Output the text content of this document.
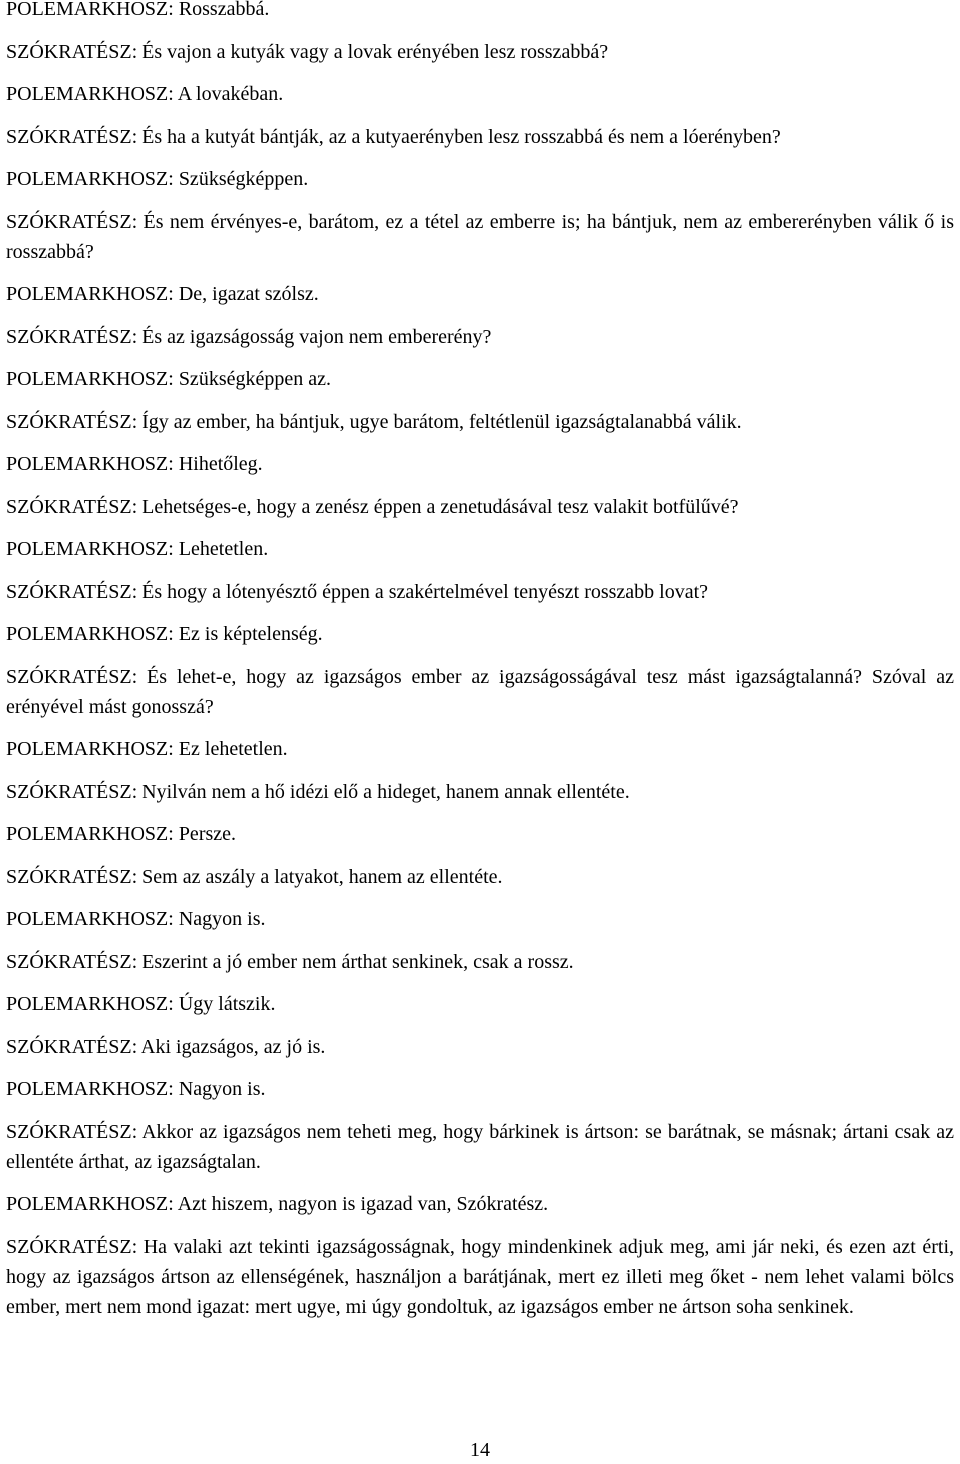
POLEMARKHOSZ: Rosszabbá.

SZÓKRATÉSZ: És vajon a kutyák vagy a lovak erényében lesz rosszabbá?

POLEMARKHOSZ: A lovakéban.

SZÓKRATÉSZ: És ha a kutyát bántják, az a kutyaerényben lesz rosszabbá és nem a lóerényben?

POLEMARKHOSZ: Szükségképpen.

SZÓKRATÉSZ: És nem érvényes-e, barátom, ez a tétel az emberre is; ha bántjuk, nem az embererényben válik ő is rosszabbá?

POLEMARKHOSZ: De, igazat szólsz.

SZÓKRATÉSZ: És az igazságosság vajon nem embererény?

POLEMARKHOSZ: Szükségképpen az.

SZÓKRATÉSZ: Így az ember, ha bántjuk, ugye barátom, feltétlenül igazságtalanabbá válik.

POLEMARKHOSZ: Hihetőleg.

SZÓKRATÉSZ: Lehetséges-e, hogy a zenész éppen a zenetudásával tesz valakit botfülűvé?

POLEMARKHOSZ: Lehetetlen.

SZÓKRATÉSZ: És hogy a lótenyésztő éppen a szakértelmével tenyészt rosszabb lovat?

POLEMARKHOSZ: Ez is képtelenség.

SZÓKRATÉSZ: És lehet-e, hogy az igazságos ember az igazságosságával tesz mást igazságtalanná? Szóval az erényével mást gonosszá?

POLEMARKHOSZ: Ez lehetetlen.

SZÓKRATÉSZ: Nyilván nem a hő idézi elő a hideget, hanem annak ellentéte.

POLEMARKHOSZ: Persze.

SZÓKRATÉSZ: Sem az aszály a latyakot, hanem az ellentéte.

POLEMARKHOSZ: Nagyon is.

SZÓKRATÉSZ: Eszerint a jó ember nem árthat senkinek, csak a rossz.

POLEMARKHOSZ: Úgy látszik.

SZÓKRATÉSZ: Aki igazságos, az jó is.

POLEMARKHOSZ: Nagyon is.

SZÓKRATÉSZ: Akkor az igazságos nem teheti meg, hogy bárkinek is ártson: se barátnak, se másnak; ártani csak az ellentéte árthat, az igazságtalan.

POLEMARKHOSZ: Azt hiszem, nagyon is igazad van, Szókratész.

SZÓKRATÉSZ: Ha valaki azt tekinti igazságosságnak, hogy mindenkinek adjuk meg, ami jár neki, és ezen azt érti, hogy az igazságos ártson az ellenségének, használjon a barátjának, mert ez illeti meg őket - nem lehet valami bölcs ember, mert nem mond igazat: mert ugye, mi úgy gondoltuk, az igazságos ember ne ártson soha senkinek.

14
